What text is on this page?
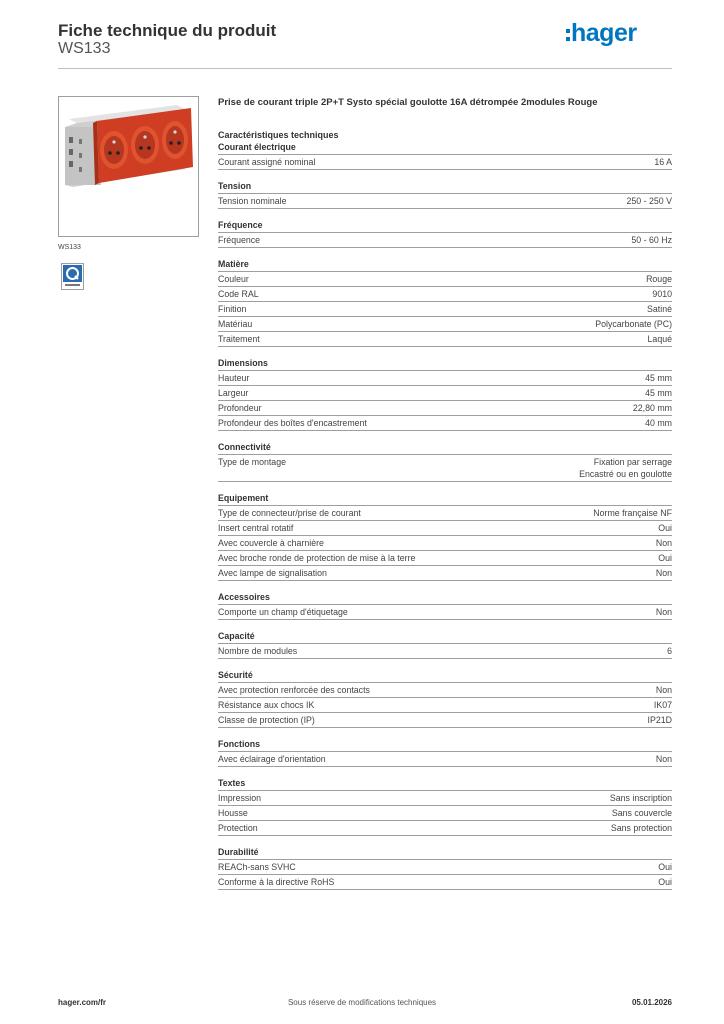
Fiche technique du produit
WS133
hager
WS133
Prise de courant triple 2P+T Systo spécial goulotte 16A détrompée 2modules Rouge
Caractéristiques techniques
Courant électrique
Courant assigné nominal	16 A
Tension
Tension nominale	250 - 250 V
Fréquence
Fréquence	50 - 60 Hz
Matière
Couleur	Rouge
Code RAL	9010
Finition	Satiné
Matériau	Polycarbonate (PC)
Traitement	Laqué
Dimensions
Hauteur	45 mm
Largeur	45 mm
Profondeur	22,80 mm
Profondeur des boîtes d'encastrement	40 mm
Connectivité
Type de montage	Fixation par serrage
Encastré ou en goulotte
Equipement
Type de connecteur/prise de courant	Norme française NF
Insert central rotatif	Oui
Avec couvercle à charnière	Non
Avec broche ronde de protection de mise à la terre	Oui
Avec lampe de signalisation	Non
Accessoires
Comporte un champ d'étiquetage	Non
Capacité
Nombre de modules	6
Sécurité
Avec protection renforcée des contacts	Non
Résistance aux chocs IK	IK07
Classe de protection (IP)	IP21D
Fonctions
Avec éclairage d'orientation	Non
Textes
Impression	Sans inscription
Housse	Sans couvercle
Protection	Sans protection
Durabilité
REACh-sans SVHC	Oui
Conforme à la directive RoHS	Oui
hager.com/fr	Sous réserve de modifications techniques	05.01.2026
